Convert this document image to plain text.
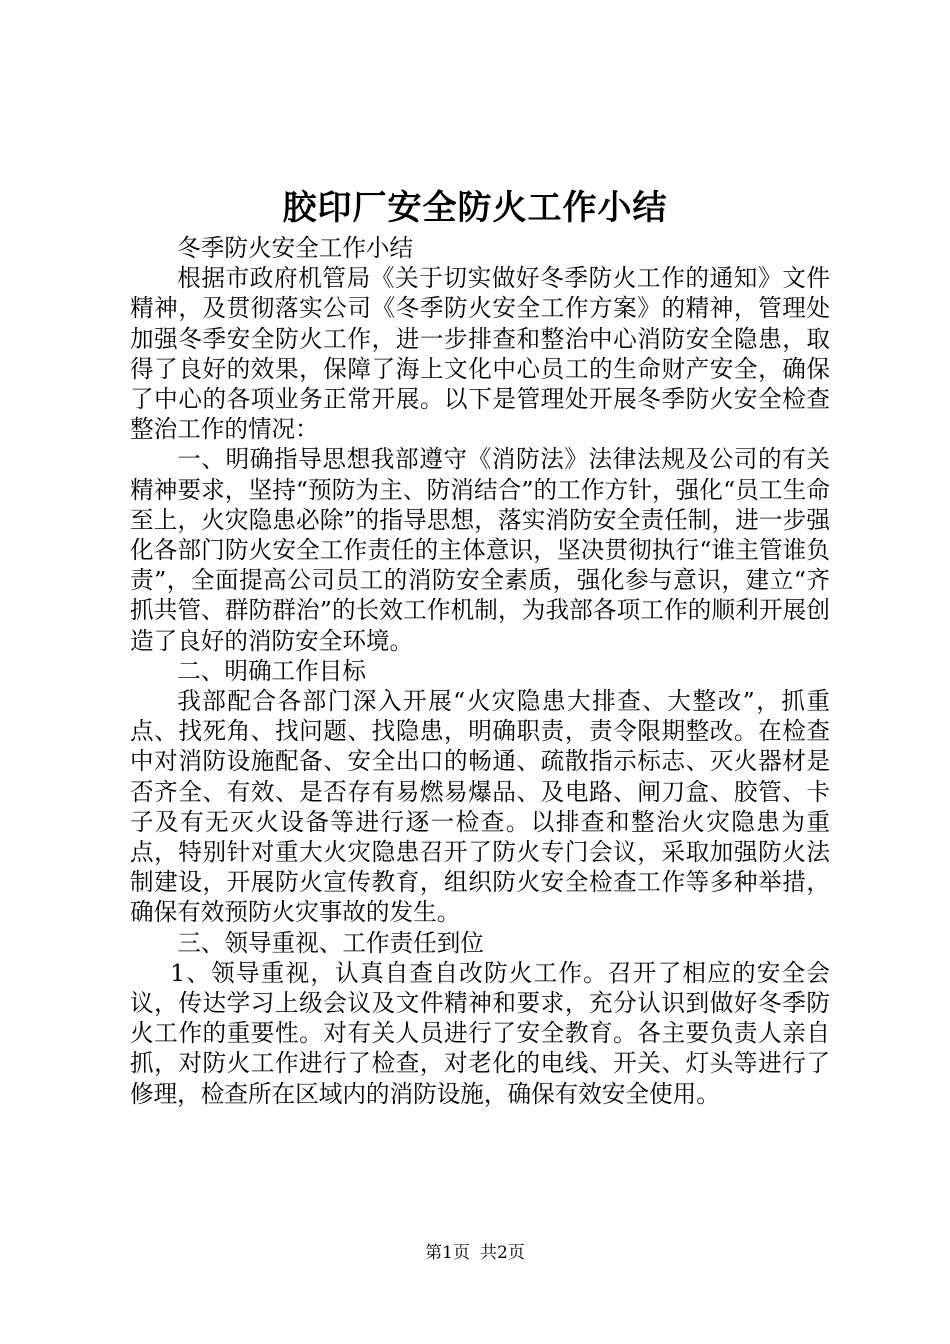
胶印厂安全防火工作小结

冬季防火安全工作小结

根据市政府机管局《关于切实做好冬季防火工作的通知》文件精神，及贯彻落实公司《冬季防火安全工作方案》的精神，管理处加强冬季安全防火工作，进一步排查和整治中心消防安全隐患，取得了良好的效果，保障了海上文化中心员工的生命财产安全，确保了中心的各项业务正常开展。以下是管理处开展冬季防火安全检查整治工作的情况：

一、明确指导思想我部遵守《消防法》法律法规及公司的有关精神要求，坚持“预防为主、防消结合”的工作方针，强化“员工生命至上，火灾隐患必除”的指导思想，落实消防安全责任制，进一步强化各部门防火安全工作责任的主体意识，坚决贯彻执行“谁主管谁负责”，全面提高公司员工的消防安全素质，强化参与意识，建立“齐抓共管、群防群治”的长效工作机制，为我部各项工作的顺利开展创造了良好的消防安全环境。

二、明确工作目标

我部配合各部门深入开展“火灾隐患大排查、大整改”，抓重点、找死角、找问题、找隐患，明确职责，责令限期整改。在检查中对消防设施配备、安全出口的畅通、疏散指示标志、灭火器材是否齐全、有效、是否存有易燃易爆品、及电路、闸刀盒、胶管、卡子及有无灭火设备等进行逐一检查。以排查和整治火灾隐患为重点，特别针对重大火灾隐患召开了防火专门会议，采取加强防火法制建设，开展防火宣传教育，组织防火安全检查工作等多种举措，确保有效预防火灾事故的发生。

三、领导重视、工作责任到位

1、领导重视，认真自查自改防火工作。召开了相应的安全会议，传达学习上级会议及文件精神和要求，充分认识到做好冬季防火工作的重要性。对有关人员进行了安全教育。各主要负责人亲自抓，对防火工作进行了检查，对老化的电线、开关、灯头等进行了修理，检查所在区域内的消防设施，确保有效安全使用。

第1页 共2页
